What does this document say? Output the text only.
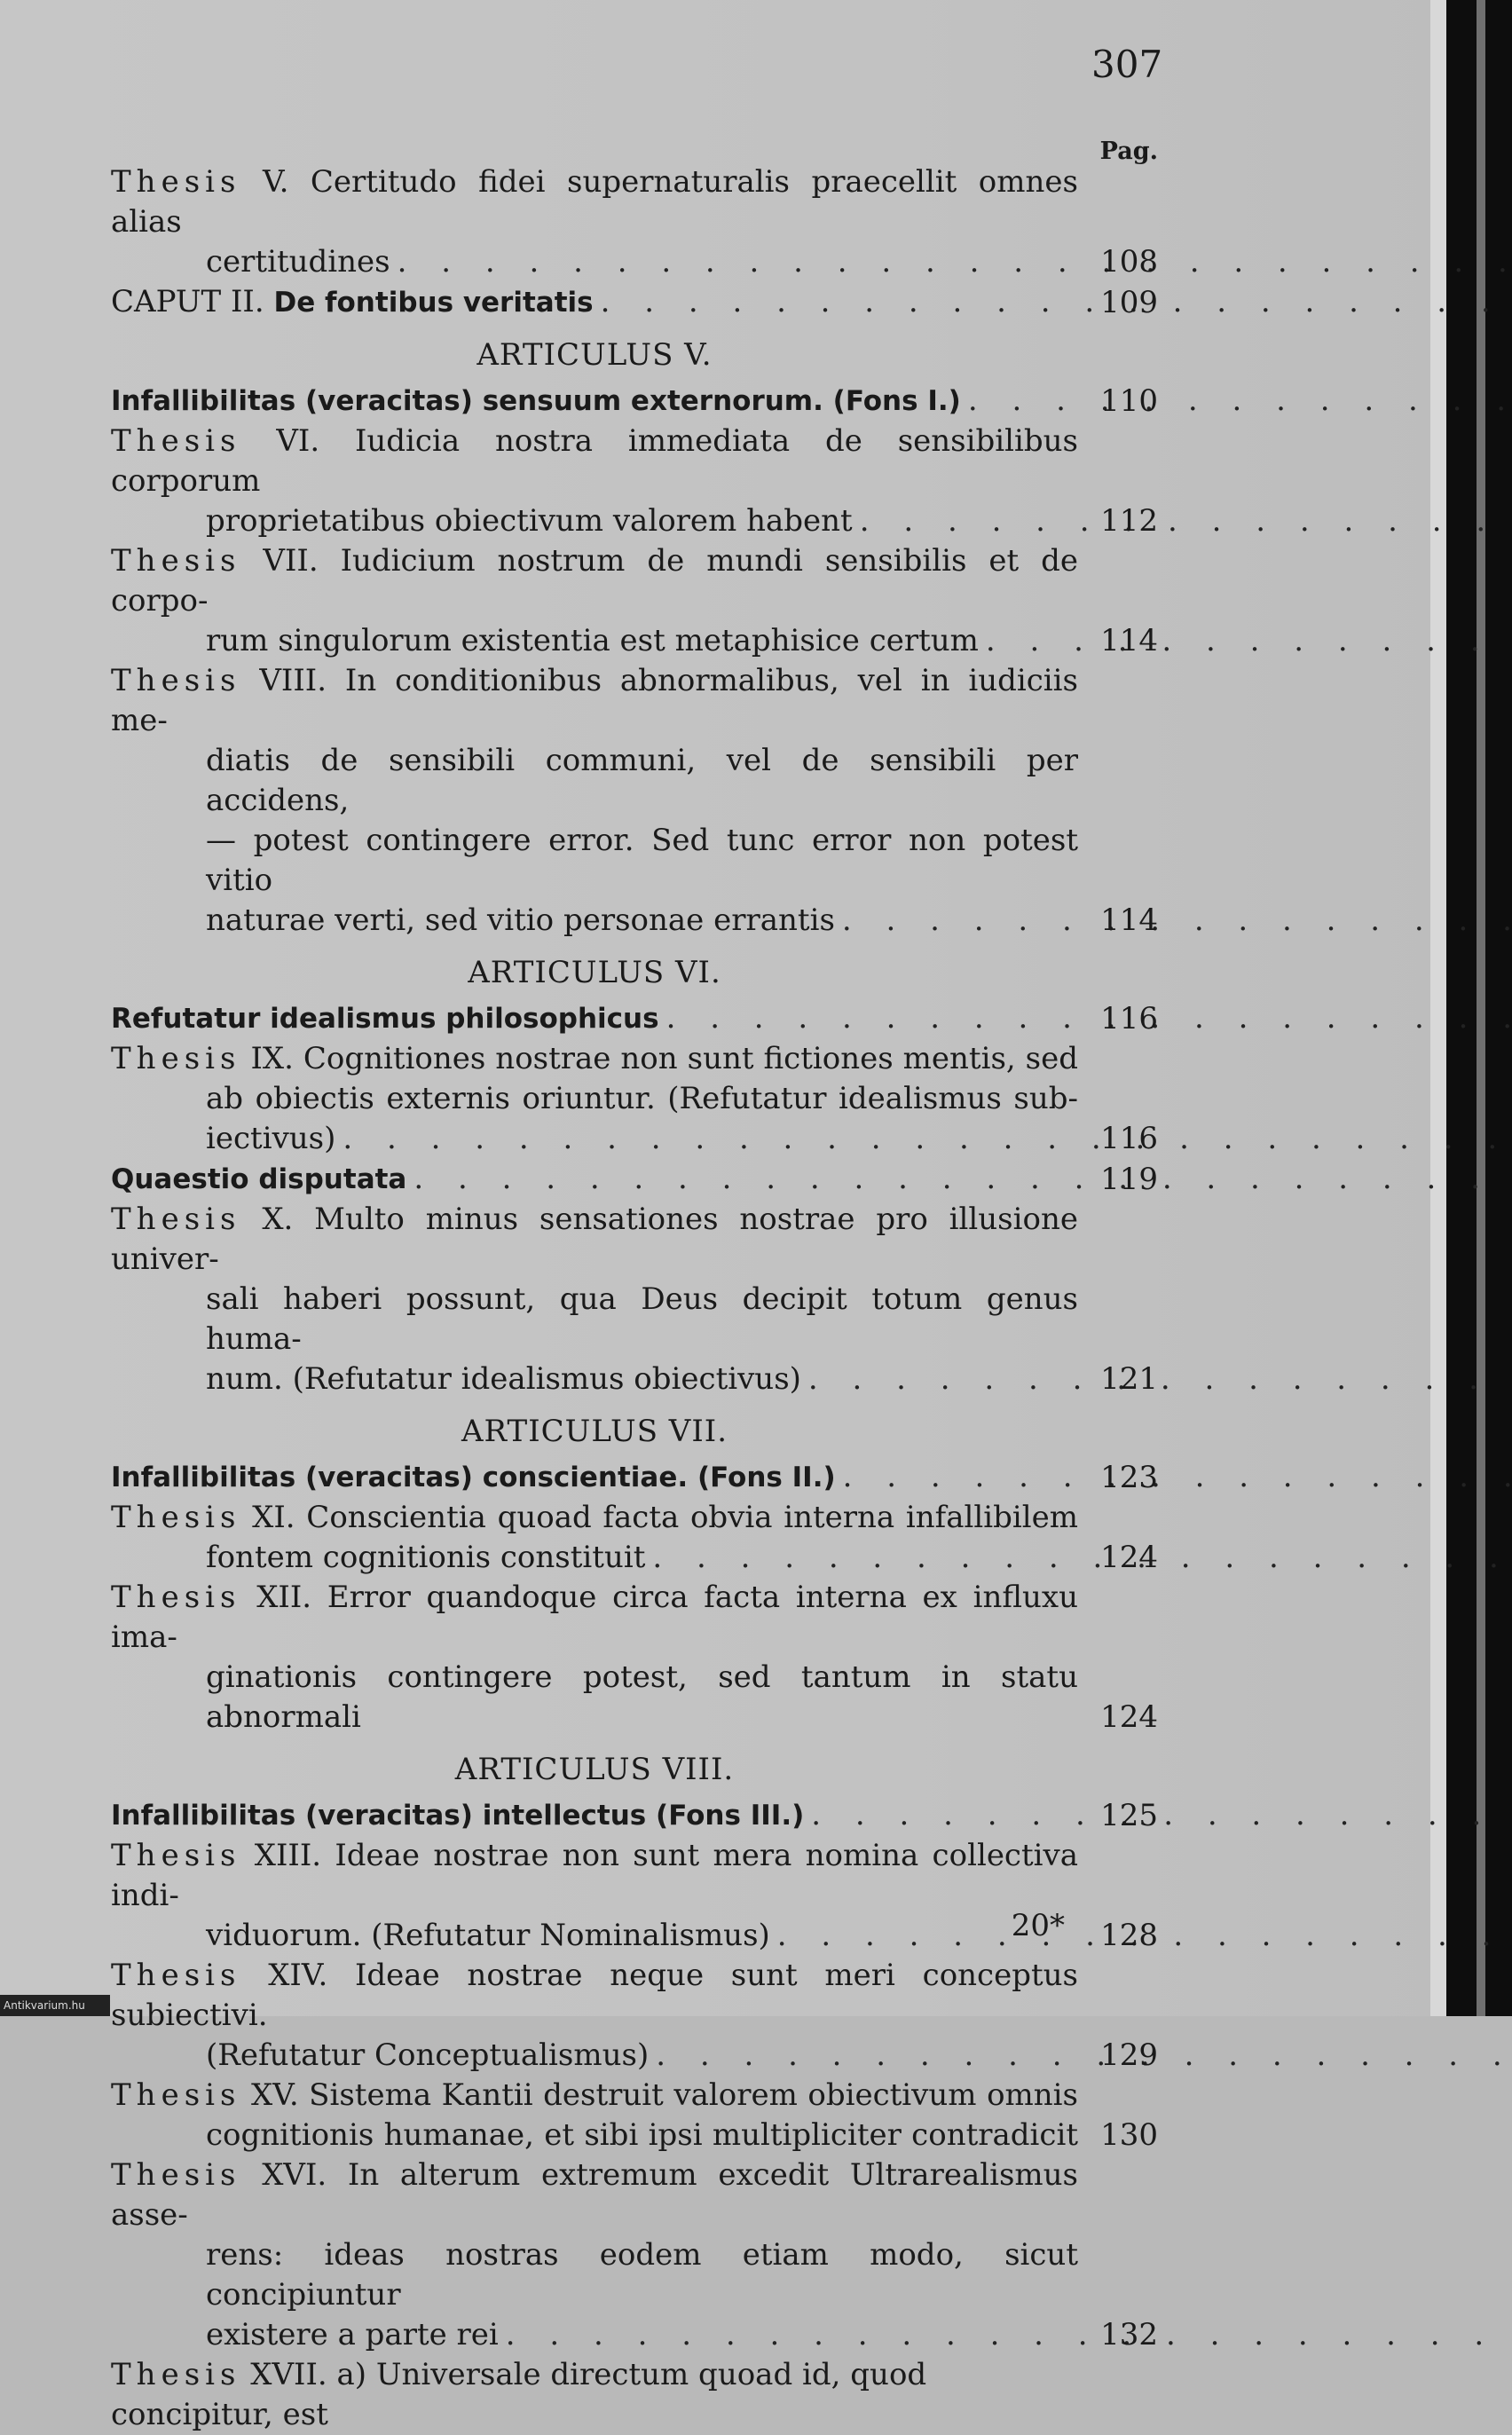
307
Pag.
Thesis V. Certitudo fidei supernaturalis praecellit omnes alias
certitudines . . .	108
CAPUT II. De fontibus veritatis . . .	109
ARTICULUS V.
Infallibilitas (veracitas) sensuum externorum. (Fons I.) . . .	110
Thesis VI. Iudicia nostra immediata de sensibilibus corporum
proprietatibus obiectivum valorem habent . . .	112
Thesis VII. Iudicium nostrum de mundi sensibilis et de corpo-
rum singulorum existentia est metaphisice certum . . .	114
Thesis VIII. In conditionibus abnormalibus, vel in iudiciis me-
diatis de sensibili communi, vel de sensibili per accidens,
— potest contingere error. Sed tunc error non potest vitio
naturae verti, sed vitio personae errantis . . .	114
ARTICULUS VI.
Refutatur idealismus philosophicus . . .	116
Thesis IX. Cognitiones nostrae non sunt fictiones mentis, sed
ab obiectis externis oriuntur. (Refutatur idealismus sub-
iectivus) . . .	116
Quaestio disputata . . .	119
Thesis X. Multo minus sensationes nostrae pro illusione univer-
sali haberi possunt, qua Deus decipit totum genus huma-
num. (Refutatur idealismus obiectivus) . . .	121
ARTICULUS VII.
Infallibilitas (veracitas) conscientiae. (Fons II.) . . .	123
Thesis XI. Conscientia quoad facta obvia interna infallibilem
fontem cognitionis constituit . . .	124
Thesis XII. Error quandoque circa facta interna ex influxu ima-
ginationis contingere potest, sed tantum in statu abnormali	124
ARTICULUS VIII.
Infallibilitas (veracitas) intellectus (Fons III.) . . .	125
Thesis XIII. Ideae nostrae non sunt mera nomina collectiva indi-
viduorum. (Refutatur Nominalismus) . . .	128
Thesis XIV. Ideae nostrae neque sunt meri conceptus subiectivi.
(Refutatur Conceptualismus) . . .	129
Thesis XV. Sistema Kantii destruit valorem obiectivum omnis
cognitionis humanae, et sibi ipsi multipliciter contradicit 130
Thesis XVI. In alterum extremum excedit Ultrarealismus asse-
rens: ideas nostras eodem etiam modo, sicut concipiuntur
existere a parte rei . . .	132
Thesis XVII. a) Universale directum quoad id, quod concipitur, est
20*
Antikvarium.hu
